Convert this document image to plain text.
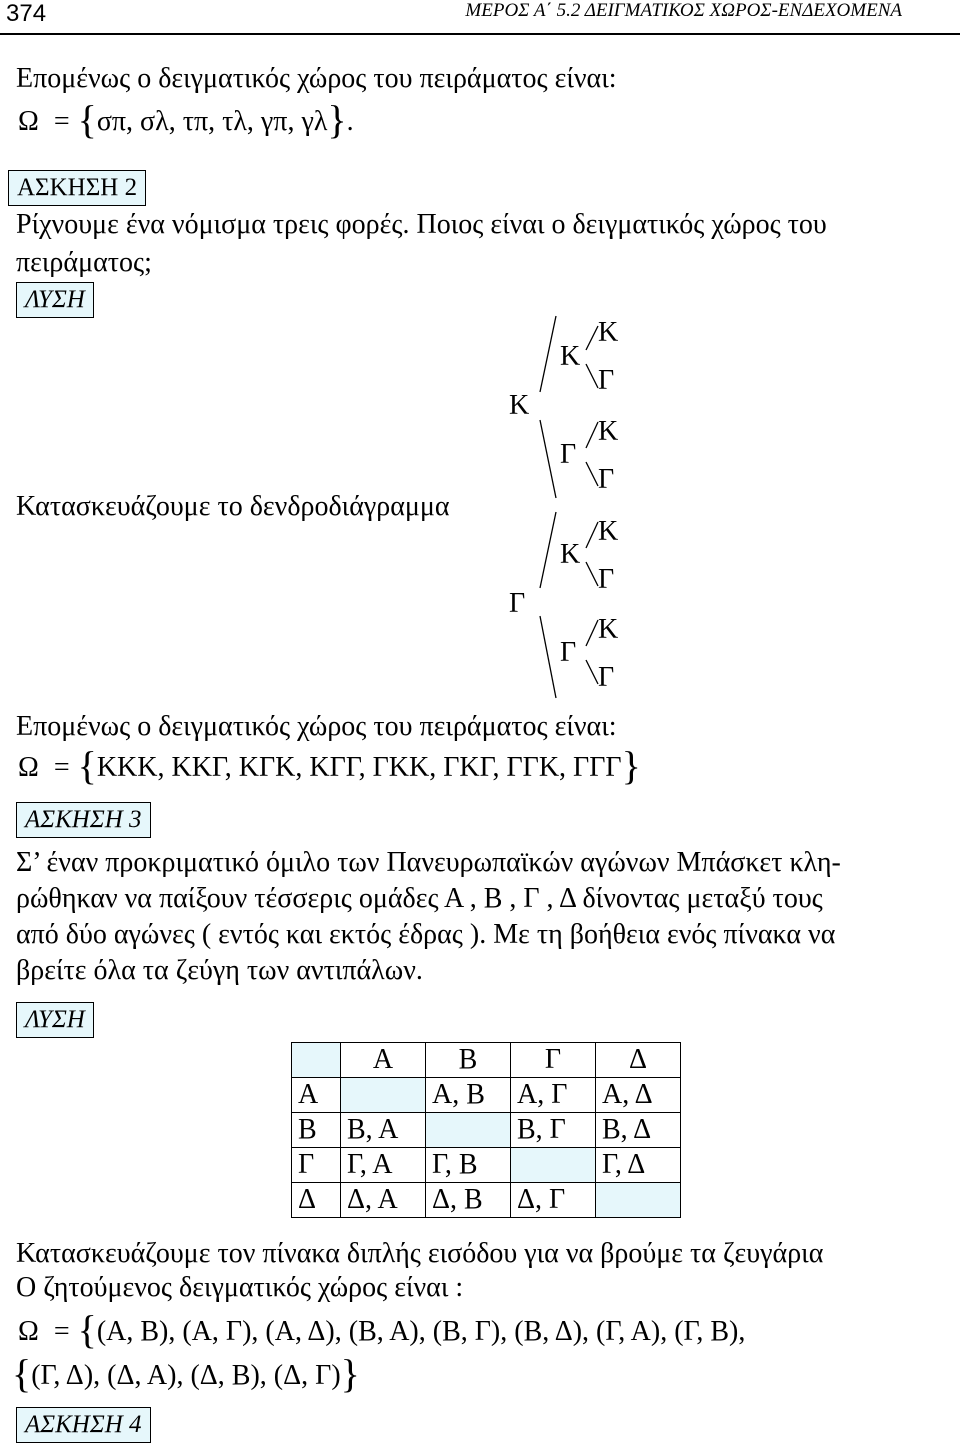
374	ΜΕΡΟΣ Α΄ 5.2 ΔΕΙΓΜΑΤΙΚΟΣ ΧΩΡΟΣ-ΕΝΔΕΧΟΜΕΝΑ
Επομένως ο δειγματικός χώρος του πειράματος είναι:
Ω = {σπ, σλ, τπ, τλ, γπ, γλ}.
ΑΣΚΗΣΗ 2
Ρίχνουμε ένα νόμισμα τρεις φορές. Ποιος είναι ο δειγματικός χώρος του
πειράματος;
ΛΥΣΗ
Κατασκευάζουμε το δενδροδιάγραμμα
Κ
Γ
Κ
Γ
Κ
Γ
Κ
Γ
Κ
Γ
Κ
Γ
Κ
Γ
Επομένως ο δειγματικός χώρος του πειράματος είναι:
Ω = {ΚΚΚ, ΚΚΓ, ΚΓΚ, ΚΓΓ, ΓΚΚ, ΓΚΓ, ΓΓΚ, ΓΓΓ}
ΑΣΚΗΣΗ 3
Σ’ έναν προκριματικό όμιλο των Πανευρωπαϊκών αγώνων Μπάσκετ κλη-
ρώθηκαν να παίξουν τέσσερις ομάδες Α , Β , Γ , Δ δίνοντας μεταξύ τους
από δύο αγώνες ( εντός και εκτός έδρας ). Με τη βοήθεια ενός πίνακα να
βρείτε όλα τα ζεύγη των αντιπάλων.
ΛΥΣΗ
	Α	Β	Γ	Δ
Α		Α, Β	Α, Γ	Α, Δ
Β	Β, Α		Β, Γ	Β, Δ
Γ	Γ, Α	Γ, Β		Γ, Δ
Δ	Δ, Α	Δ, Β	Δ, Γ	
Κατασκευάζουμε τον πίνακα διπλής εισόδου για να βρούμε τα ζευγάρια
Ο ζητούμενος δειγματικός χώρος είναι :
Ω = {(Α, Β), (Α, Γ), (Α, Δ), (Β, Α), (Β, Γ), (Β, Δ), (Γ, Α), (Γ, Β),
{(Γ, Δ), (Δ, Α), (Δ, Β), (Δ, Γ)}
ΑΣΚΗΣΗ 4
